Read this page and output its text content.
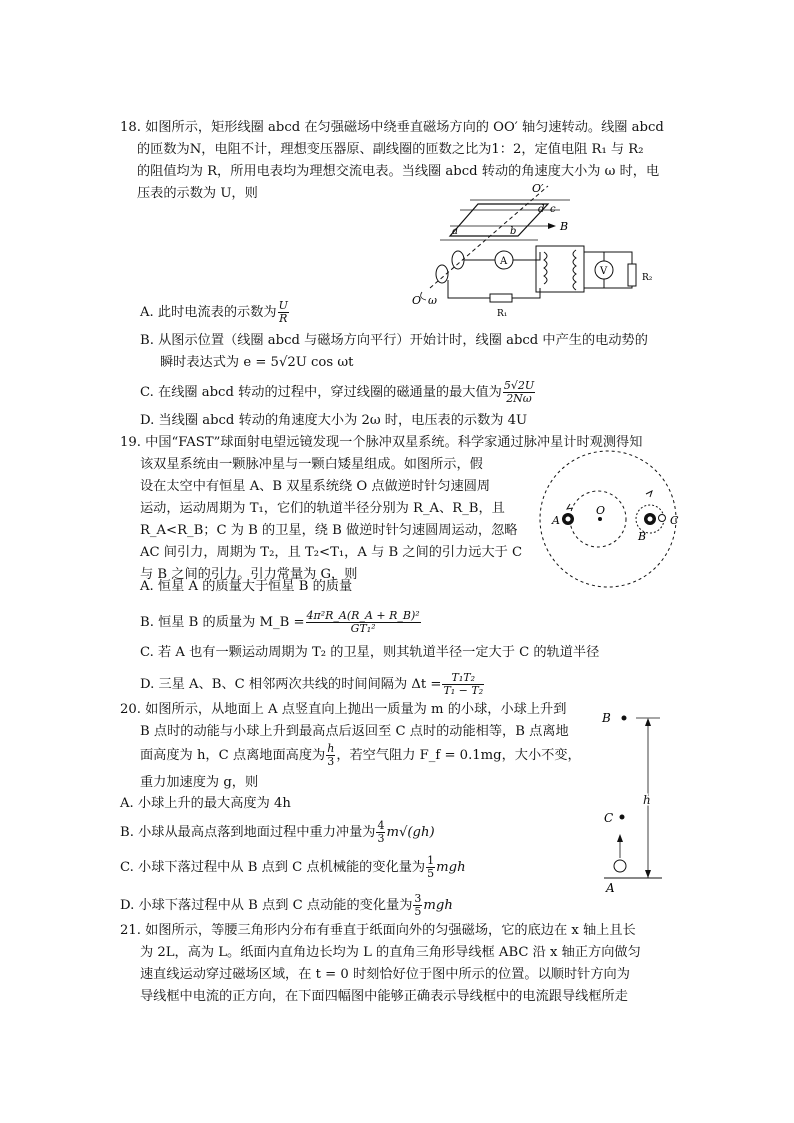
18. 如图所示，矩形线圈 abcd 在匀强磁场中绕垂直磁场方向的 OO′ 轴匀速转动。线圈 abcd
的匝数为N，电阻不计，理想变压器原、副线圈的匝数之比为1：2，定值电阻 R₁ 与 R₂
的阻值均为 R，所用电表均为理想交流电表。当线圈 abcd 转动的角速度大小为 ω 时，电
压表的示数为 U，则	O′
B
d c
a	b
O ω
A
R₁
V
R₂
A. 此时电流表的示数为 $\frac{U}{R}$
B. 从图示位置（线圈 abcd 与磁场方向平行）开始计时，线圈 abcd 中产生的电动势的
瞬时表达式为 e = 5√2U cos ωt
C. 在线圈 abcd 转动的过程中，穿过线圈的磁通量的最大值为 $\frac{5√2U}{2N\omega}$
D. 当线圈 abcd 转动的角速度大小为 2ω 时，电压表的示数为 4U
19. 中国“FAST”球面射电望远镜发现一个脉冲双星系统。科学家通过脉冲星计时观测得知
该双星系统由一颗脉冲星与一颗白矮星组成。如图所示，假
设在太空中有恒星 A、B 双星系统绕 O 点做逆时针匀速圆周
运动，运动周期为 T₁，它们的轨道半径分别为 R_A、R_B，且
R_A<R_B；C 为 B 的卫星，绕 B 做逆时针匀速圆周运动，忽略
AC 间引力，周期为 T₂，且 T₂<T₁，A 与 B 之间的引力远大于 C
与 B 之间的引力。引力常量为 G，则
A
O
B
C
A. 恒星 A 的质量大于恒星 B 的质量
B. 恒星 B 的质量为 M_B = $\frac{\text{4π²R\_A(R\_A + R\_B)²}}{\text{GT₁²}}$
C. 若 A 也有一颗运动周期为 T₂ 的卫星，则其轨道半径一定大于 C 的轨道半径
D. 三星 A、B、C 相邻两次共线的时间间隔为 $\Delta t = \frac{\text{T₁T₂}}{\text{T₁ − T₂}}$
20. 如图所示，从地面上 A 点竖直向上抛出一质量为 m 的小球，小球上升到
B 点时的动能与小球上升到最高点后返回至 C 点时的动能相等，B 点离地
面高度为 h，C 点离地面高度为 $\frac{h}{3}$ ，若空气阻力 F_f = 0.1mg，大小不变，
重力加速度为 g，则
A. 小球上升的最大高度为 4h
B. 小球从最高点落到地面过程中重力冲量为 $\frac{4}{3} m√(gh)$
C. 小球下落过程中从 B 点到 C 点机械能的变化量为 $\frac{1}{5}$ mgh
D. 小球下落过程中从 B 点到 C 点动能的变化量为 $\frac{3}{5}$ mgh
B
h
C
A
21. 如图所示，等腰三角形内分布有垂直于纸面向外的匀强磁场，它的底边在 x 轴上且长
为 2L，高为 L。纸面内直角边长均为 L 的直角三角形导线框 ABC 沿 x 轴正方向做匀
速直线运动穿过磁场区域，在 t = 0 时刻恰好位于图中所示的位置。以顺时针方向为
导线框中电流的正方向，在下面四幅图中能够正确表示导线框中的电流跟导线框所走
